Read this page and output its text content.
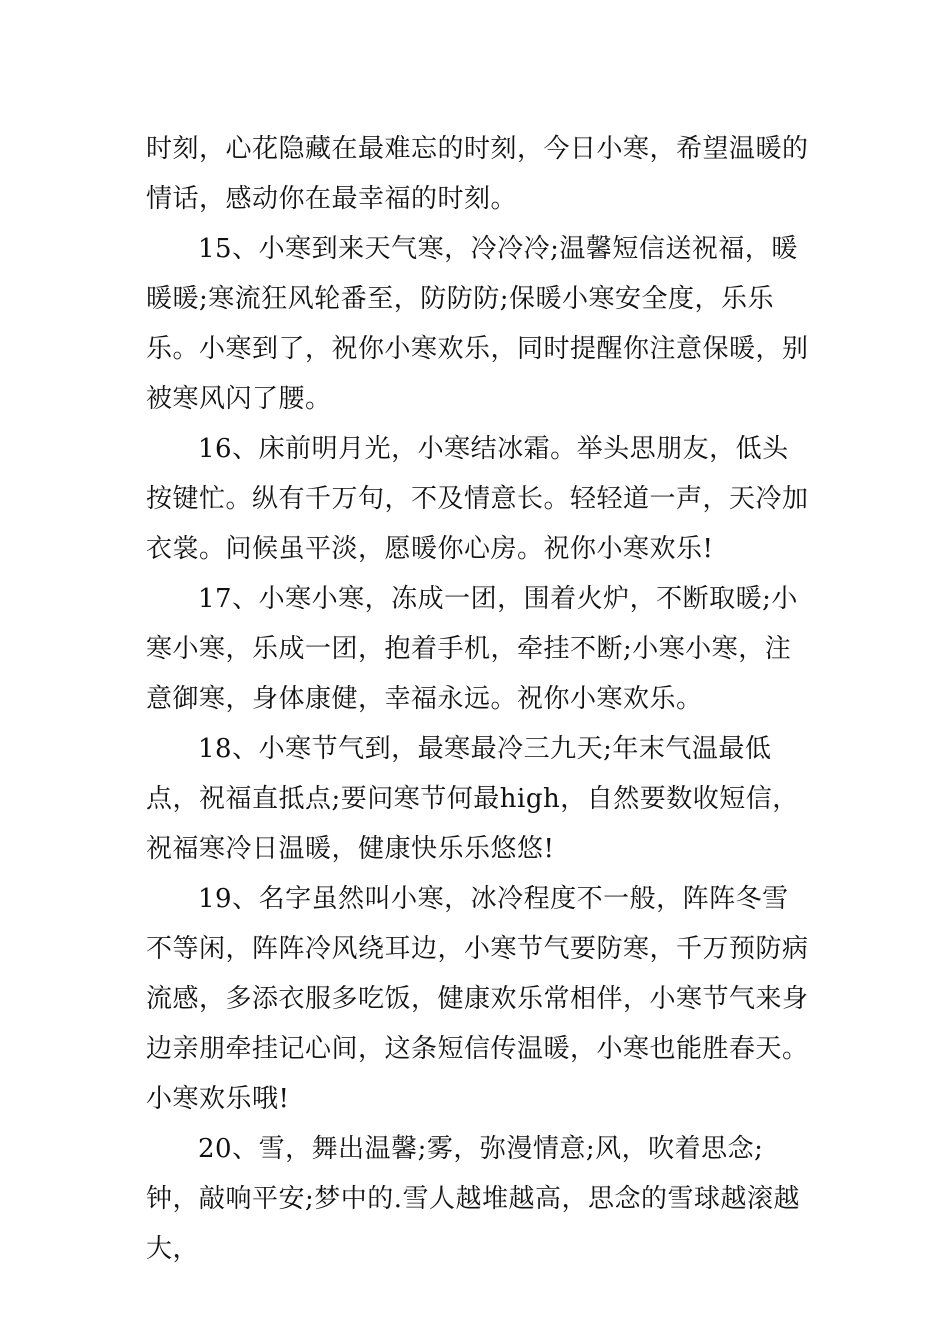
时刻，心花隐藏在最难忘的时刻，今日小寒，希望温暖的情话，感动你在最幸福的时刻。

15、小寒到来天气寒，冷冷冷;温馨短信送祝福，暖暖暖;寒流狂风轮番至，防防防;保暖小寒安全度，乐乐乐。小寒到了，祝你小寒欢乐，同时提醒你注意保暖，别被寒风闪了腰。

16、床前明月光，小寒结冰霜。举头思朋友，低头按键忙。纵有千万句，不及情意长。轻轻道一声，天冷加衣裳。问候虽平淡，愿暖你心房。祝你小寒欢乐!

17、小寒小寒，冻成一团，围着火炉，不断取暖;小寒小寒，乐成一团，抱着手机，牵挂不断;小寒小寒，注意御寒，身体康健，幸福永远。祝你小寒欢乐。

18、小寒节气到，最寒最冷三九天;年末气温最低点，祝福直抵点;要问寒节何最high，自然要数收短信，祝福寒冷日温暖，健康快乐乐悠悠!

19、名字虽然叫小寒，冰冷程度不一般，阵阵冬雪不等闲，阵阵冷风绕耳边，小寒节气要防寒，千万预防病流感，多添衣服多吃饭，健康欢乐常相伴，小寒节气来身边亲朋牵挂记心间，这条短信传温暖，小寒也能胜春天。小寒欢乐哦!

20、雪，舞出温馨;雾，弥漫情意;风，吹着思念;钟，敲响平安;梦中的.雪人越堆越高，思念的雪球越滚越大，
